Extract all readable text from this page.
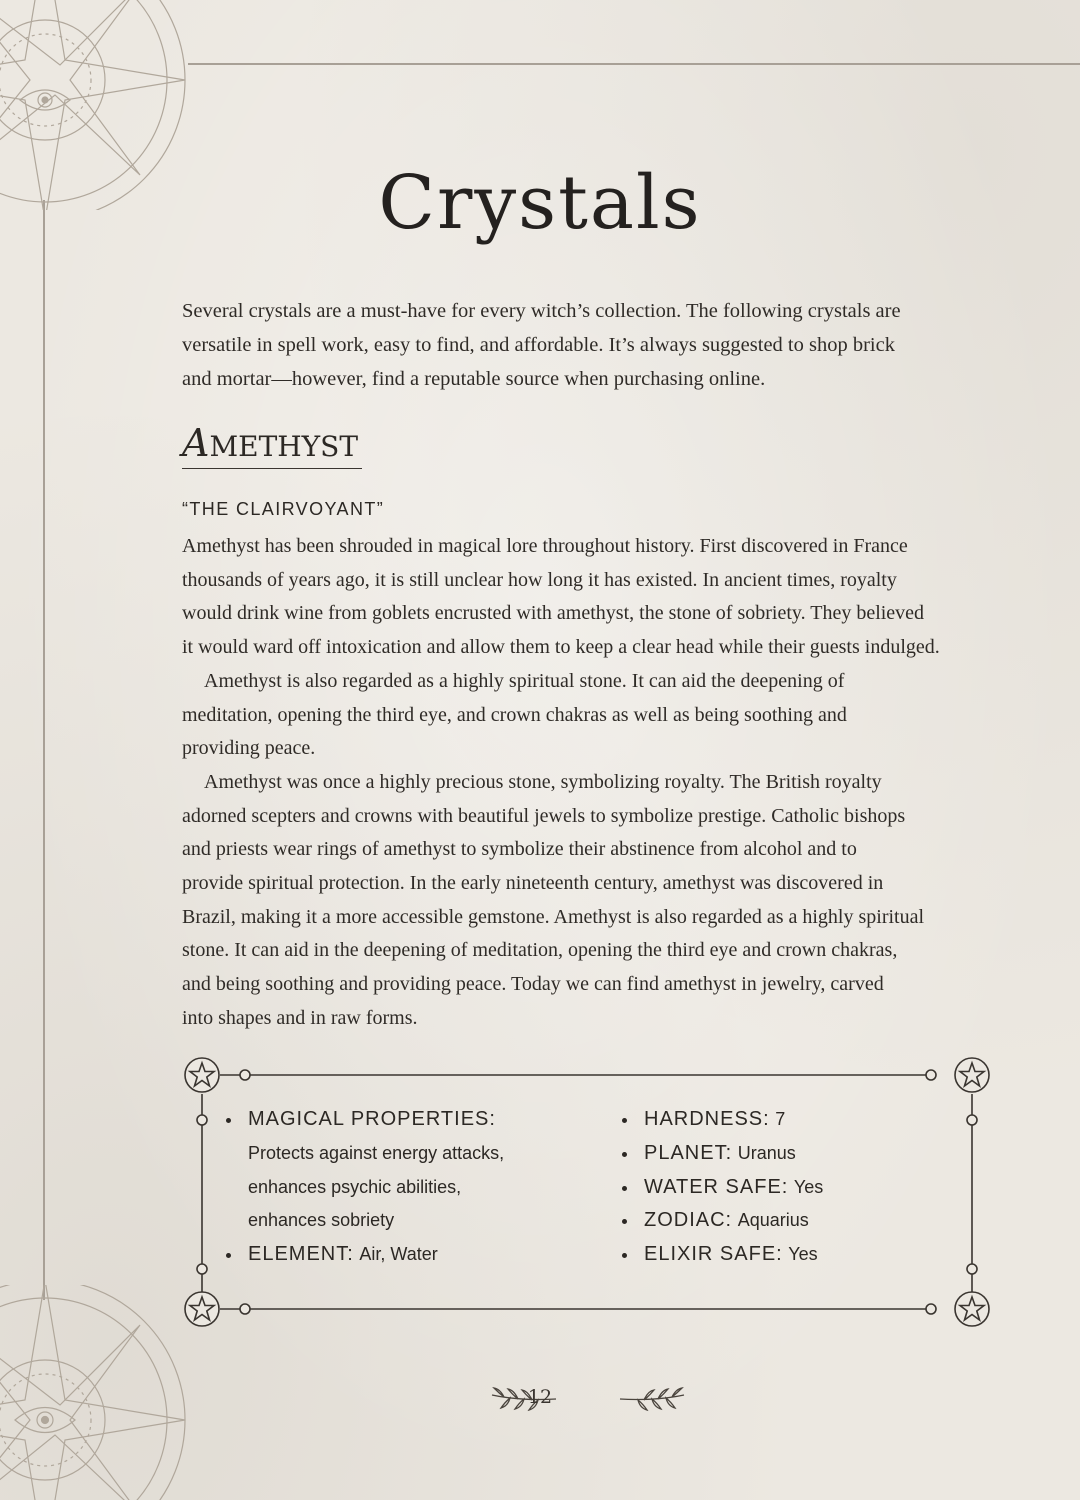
Crystals
Several crystals are a must-have for every witch’s collection. The following crystals are
versatile in spell work, easy to find, and affordable. It’s always suggested to shop brick
and mortar—however, find a reputable source when purchasing online.
AMETHYST
“THE CLAIRVOYANT”
Amethyst has been shrouded in magical lore throughout history. First discovered in France
thousands of years ago, it is still unclear how long it has existed. In ancient times, royalty
would drink wine from goblets encrusted with amethyst, the stone of sobriety. They believed
it would ward off intoxication and allow them to keep a clear head while their guests indulged.
Amethyst is also regarded as a highly spiritual stone. It can aid the deepening of
meditation, opening the third eye, and crown chakras as well as being soothing and
providing peace.
Amethyst was once a highly precious stone, symbolizing royalty. The British royalty
adorned scepters and crowns with beautiful jewels to symbolize prestige. Catholic bishops
and priests wear rings of amethyst to symbolize their abstinence from alcohol and to
provide spiritual protection. In the early nineteenth century, amethyst was discovered in
Brazil, making it a more accessible gemstone. Amethyst is also regarded as a highly spiritual
stone. It can aid in the deepening of meditation, opening the third eye and crown chakras,
and being soothing and providing peace. Today we can find amethyst in jewelry, carved
into shapes and in raw forms.
MAGICAL PROPERTIES:
Protects against energy attacks,
enhances psychic abilities,
enhances sobriety
ELEMENT: Air, Water
HARDNESS: 7
PLANET: Uranus
WATER SAFE: Yes
ZODIAC: Aquarius
ELIXIR SAFE: Yes
12
